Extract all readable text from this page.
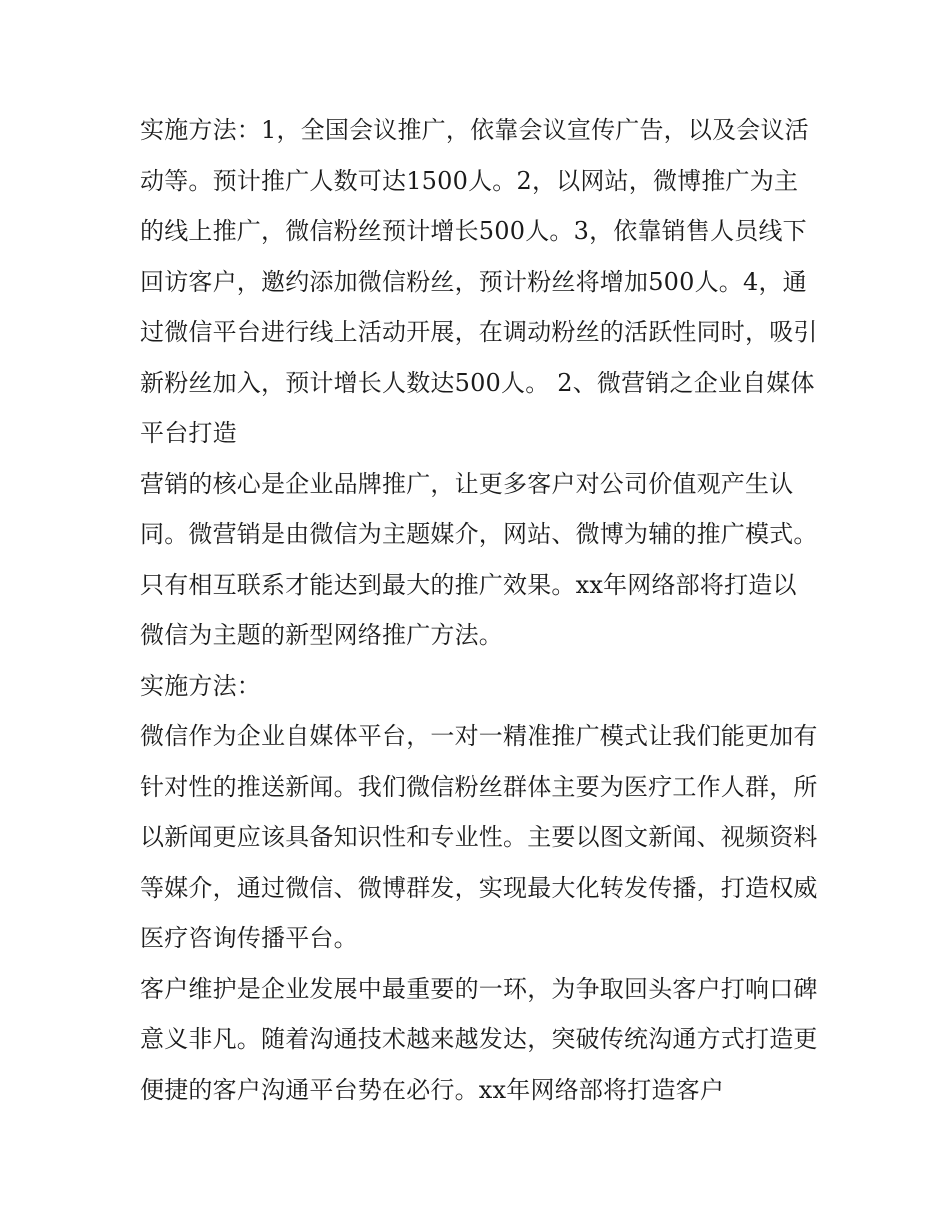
实施方法：1，全国会议推广，依靠会议宣传广告，以及会议活动等。预计推广人数可达1500人。2，以网站，微博推广为主的线上推广，微信粉丝预计增长500人。3，依靠销售人员线下回访客户，邀约添加微信粉丝，预计粉丝将增加500人。4，通过微信平台进行线上活动开展，在调动粉丝的活跃性同时，吸引新粉丝加入，预计增长人数达500人。 2、微营销之企业自媒体平台打造

营销的核心是企业品牌推广，让更多客户对公司价值观产生认同。微营销是由微信为主题媒介，网站、微博为辅的推广模式。只有相互联系才能达到最大的推广效果。xx年网络部将打造以微信为主题的新型网络推广方法。

实施方法：

微信作为企业自媒体平台，一对一精准推广模式让我们能更加有针对性的推送新闻。我们微信粉丝群体主要为医疗工作人群，所以新闻更应该具备知识性和专业性。主要以图文新闻、视频资料等媒介，通过微信、微博群发，实现最大化转发传播，打造权威医疗咨询传播平台。

客户维护是企业发展中最重要的一环，为争取回头客户打响口碑意义非凡。随着沟通技术越来越发达，突破传统沟通方式打造更便捷的客户沟通平台势在必行。xx年网络部将打造客户
